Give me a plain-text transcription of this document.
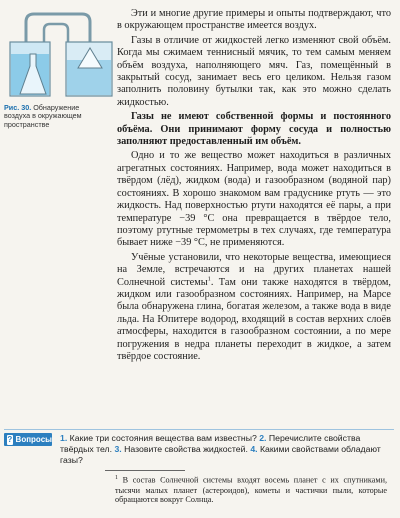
Рис. 30. Обнаружение воздуха в окружающем пространстве

Эти и многие другие примеры и опыты подтверждают, что в окружающем пространстве имеется воздух.

Газы в отличие от жидкостей легко изменяют свой объём. Когда мы сжимаем теннисный мячик, то тем самым меняем объём воздуха, наполняющего мяч. Газ, помещённый в закрытый сосуд, занимает весь его целиком. Нельзя газом заполнить половину бутылки так, как это можно сделать жидкостью.

Газы не имеют собственной формы и постоянного объёма. Они принимают форму сосуда и полностью заполняют предоставленный им объём.

Одно и то же вещество может находиться в различных агрегатных состояниях. Например, вода может находиться в твёрдом (лёд), жидком (вода) и газообразном (водяной пар) состояниях. В хорошо знакомом вам градуснике ртуть — это жидкость. Над поверхностью ртути находятся её пары, а при температуре −39 °C она превращается в твёрдое тело, поэтому ртутные термометры в тех случаях, где температура бывает ниже −39 °C, не применяются.

Учёные установили, что некоторые вещества, имеющиеся на Земле, встречаются и на других планетах нашей Солнечной системы$^1$. Там они также находятся в твёрдом, жидком или газообразном состояниях. Например, на Марсе была обнаружена глина, богатая железом, а также вода в виде льда. На Юпитере водород, входящий в состав верхних слоёв атмосферы, находится в газообразном состоянии, а по мере погружения в недра планеты переходит в жидкое, а затем твёрдое состояние.

? Вопросы 1. Какие три состояния вещества вам известны? 2. Перечислите свойства твёрдых тел. 3. Назовите свойства жидкостей. 4. Какими свойствами обладают газы?
$^1$ В состав Солнечной системы входят восемь планет с их спутниками, тысячи малых планет (астероидов), кометы и частички пыли, которые обращаются вокруг Солнца.
